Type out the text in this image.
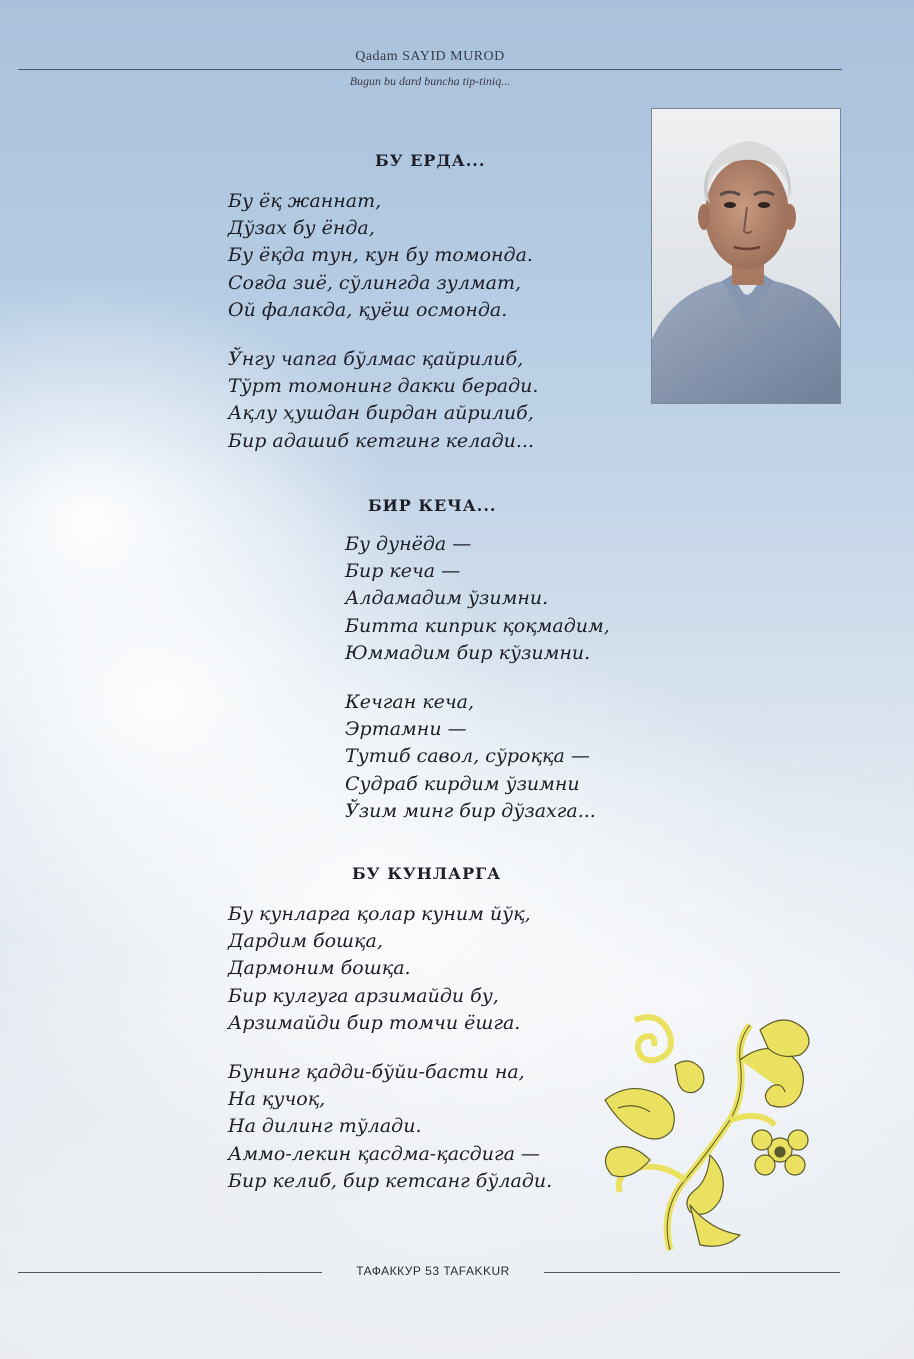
Qadam SAYID MUROD
Bugun bu dard buncha tip-tiniq...
БУ ЕРДА...
Бу ёқ жаннат,
Дўзах бу ёнда,
Бу ёқда тун, кун бу томонда.
Соғда зиё, сўлингда зулмат,
Ой фалакда, қуёш осмонда.
Ўнгу чапга бўлмас қайрилиб,
Тўрт томонинг дакки беради.
Ақлу ҳушдан бирдан айрилиб,
Бир адашиб кетгинг келади...
БИР КЕЧА...
Бу дунёда —
Бир кеча —
Алдамадим ўзимни.
Битта киприк қоқмадим,
Юммадим бир кўзимни.
Кечган кеча,
Эртамни —
Тутиб савол, сўроққа —
Судраб кирдим ўзимни
Ўзим минг бир дўзахга...
БУ КУНЛАРГА
Бу кунларга қолар куним йўқ,
Дардим бошқа,
Дармоним бошқа.
Бир кулгуга арзимайди бу,
Арзимайди бир томчи ёшга.
Бунинг қадди-бўйи-басти на,
На қучоқ,
На дилинг тўлади.
Аммо-лекин қасдма-қасдига —
Бир келиб, бир кетсанг бўлади.
ТАФАККУР 53 TAFAKKUR
